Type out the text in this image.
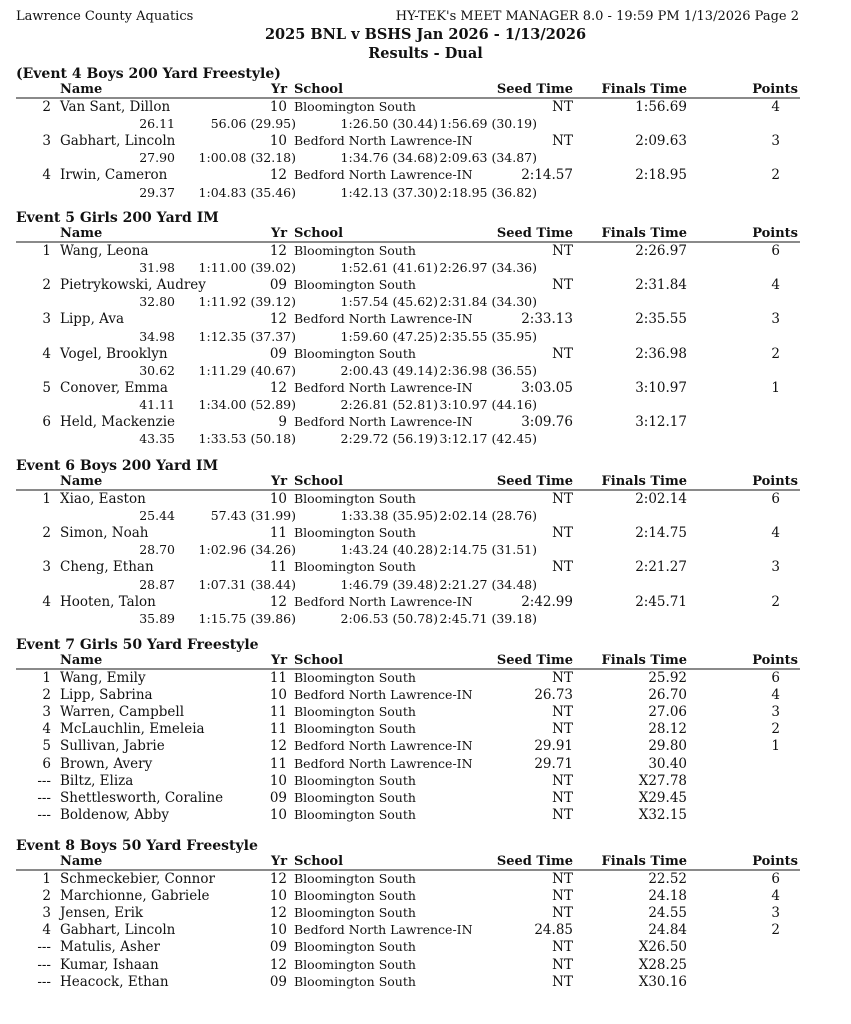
Lawrence County Aquatics	HY-TEK's MEET MANAGER 8.0 - 19:59 PM 1/13/2026 Page 2
2025 BNL v BSHS Jan 2026 - 1/13/2026
Results - Dual
(Event 4 Boys 200 Yard Freestyle)
Name	Yr School	Seed Time Finals Time	Points
2 Van Sant, Dillon	10 Bloomington South	NT	1:56.69	4
26.11	56.06 (29.95)	1:26.50 (30.44) 1:56.69 (30.19)
3 Gabhart, Lincoln	10 Bedford North Lawrence-IN	NT	2:09.63	3
27.90 1:00.08 (32.18)	1:34.76 (34.68) 2:09.63 (34.87)
4 Irwin, Cameron	12 Bedford North Lawrence-IN	2:14.57	2:18.95	2
29.37 1:04.83 (35.46)	1:42.13 (37.30) 2:18.95 (36.82)
Event 5 Girls 200 Yard IM
Name	Yr School	Seed Time Finals Time	Points
1 Wang, Leona	12 Bloomington South	NT	2:26.97	6
31.98 1:11.00 (39.02)	1:52.61 (41.61) 2:26.97 (34.36)
2 Pietrykowski, Audrey	09 Bloomington South	NT	2:31.84	4
32.80 1:11.92 (39.12)	1:57.54 (45.62) 2:31.84 (34.30)
3 Lipp, Ava	12 Bedford North Lawrence-IN	2:33.13	2:35.55	3
34.98 1:12.35 (37.37)	1:59.60 (47.25) 2:35.55 (35.95)
4 Vogel, Brooklyn	09 Bloomington South	NT	2:36.98	2
30.62 1:11.29 (40.67)	2:00.43 (49.14) 2:36.98 (36.55)
5 Conover, Emma	12 Bedford North Lawrence-IN	3:03.05	3:10.97	1
41.11 1:34.00 (52.89)	2:26.81 (52.81) 3:10.97 (44.16)
6 Held, Mackenzie	9 Bedford North Lawrence-IN	3:09.76	3:12.17
43.35 1:33.53 (50.18)	2:29.72 (56.19) 3:12.17 (42.45)
Event 6 Boys 200 Yard IM
Name	Yr School	Seed Time Finals Time	Points
1 Xiao, Easton	10 Bloomington South	NT	2:02.14	6
25.44	57.43 (31.99)	1:33.38 (35.95) 2:02.14 (28.76)
2 Simon, Noah	11 Bloomington South	NT	2:14.75	4
28.70 1:02.96 (34.26)	1:43.24 (40.28) 2:14.75 (31.51)
3 Cheng, Ethan	11 Bloomington South	NT	2:21.27	3
28.87 1:07.31 (38.44)	1:46.79 (39.48) 2:21.27 (34.48)
4 Hooten, Talon	12 Bedford North Lawrence-IN	2:42.99	2:45.71	2
35.89 1:15.75 (39.86)	2:06.53 (50.78) 2:45.71 (39.18)
Event 7 Girls 50 Yard Freestyle
Name	Yr School	Seed Time Finals Time	Points
1 Wang, Emily	11 Bloomington South	NT	25.92	6
2 Lipp, Sabrina	10 Bedford North Lawrence-IN	26.73	26.70	4
3 Warren, Campbell	11 Bloomington South	NT	27.06	3
4 McLauchlin, Emeleia	11 Bloomington South	NT	28.12	2
5 Sullivan, Jabrie	12 Bedford North Lawrence-IN	29.91	29.80	1
6 Brown, Avery	11 Bedford North Lawrence-IN	29.71	30.40
--- Biltz, Eliza	10 Bloomington South	NT	X27.78
--- Shettlesworth, Coraline	09 Bloomington South	NT	X29.45
--- Boldenow, Abby	10 Bloomington South	NT	X32.15
Event 8 Boys 50 Yard Freestyle
Name	Yr School	Seed Time Finals Time	Points
1 Schmeckebier, Connor	12 Bloomington South	NT	22.52	6
2 Marchionne, Gabriele	10 Bloomington South	NT	24.18	4
3 Jensen, Erik	12 Bloomington South	NT	24.55	3
4 Gabhart, Lincoln	10 Bedford North Lawrence-IN	24.85	24.84	2
--- Matulis, Asher	09 Bloomington South	NT	X26.50
--- Kumar, Ishaan	12 Bloomington South	NT	X28.25
--- Heacock, Ethan	09 Bloomington South	NT	X30.16
